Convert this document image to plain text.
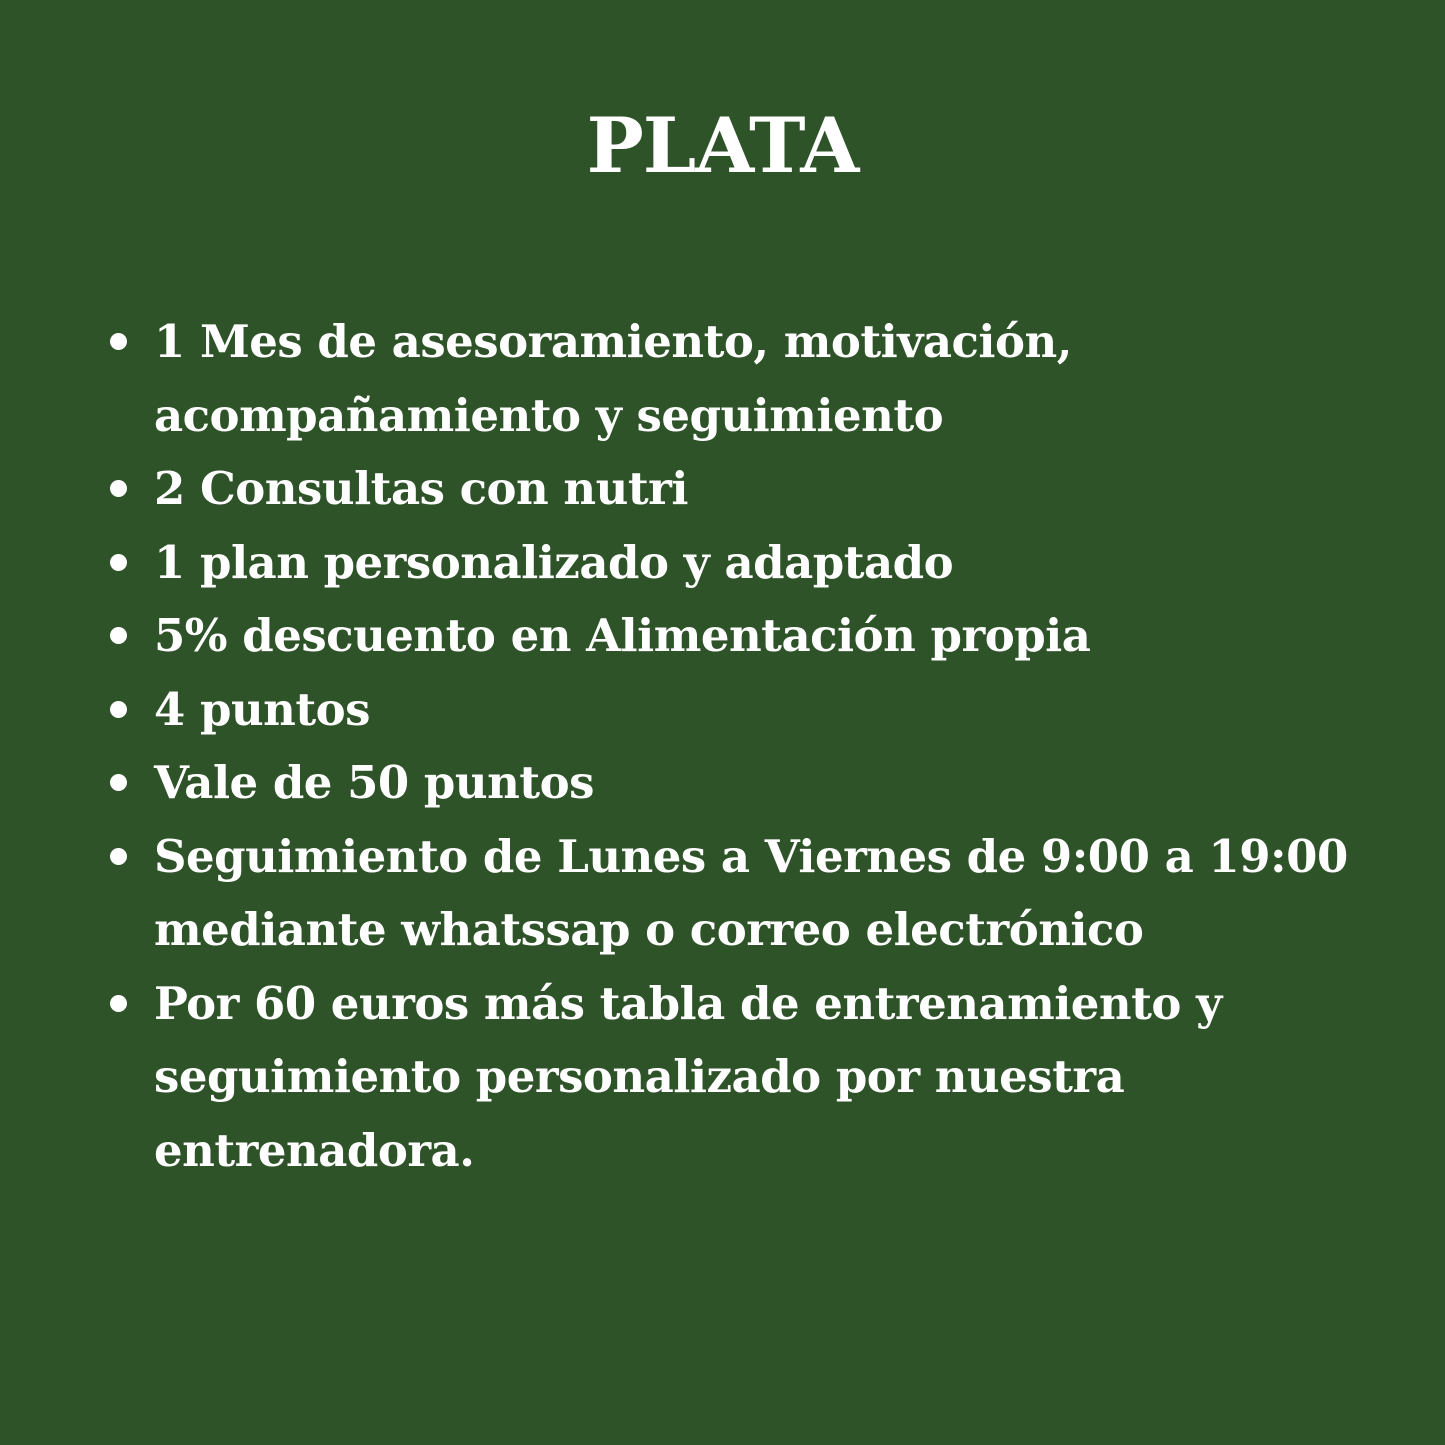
PLATA
1 Mes de asesoramiento, motivación, acompañamiento y seguimiento
2 Consultas con nutri
1 plan personalizado y adaptado
5% descuento en Alimentación propia
4 puntos
Vale de 50 puntos
Seguimiento de Lunes a Viernes de 9:00 a 19:00 mediante whatssap o correo electrónico
Por 60 euros más tabla de entrenamiento y seguimiento personalizado por nuestra entrenadora.
